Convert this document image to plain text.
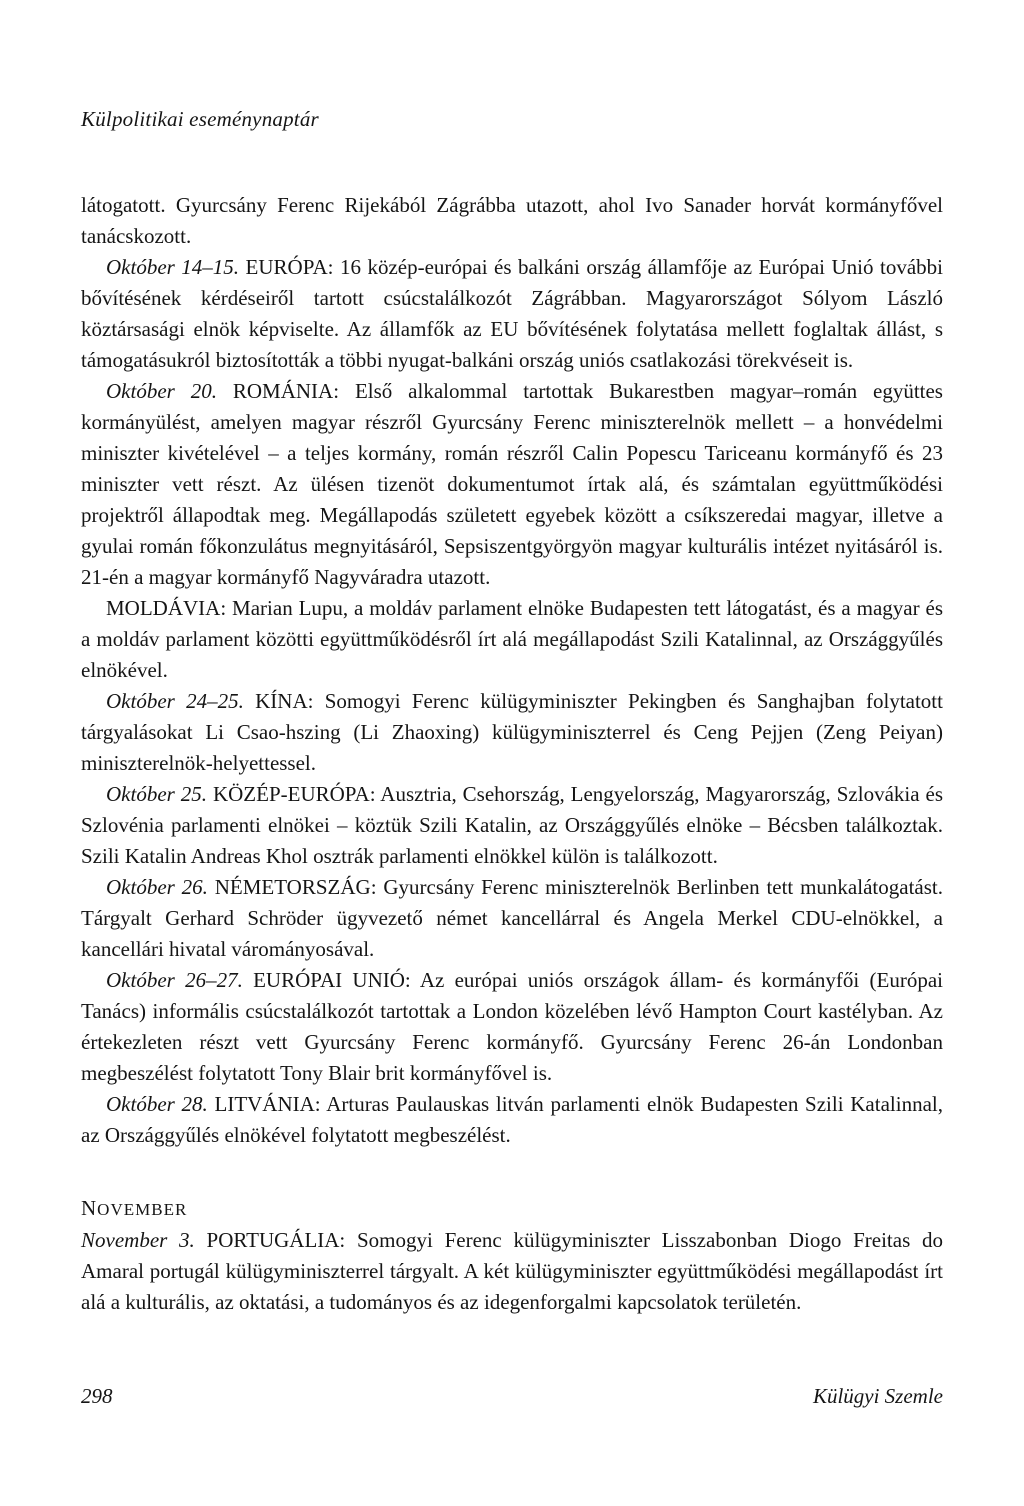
Külpolitikai eseménynaptár

látogatott. Gyurcsány Ferenc Rijekából Zágrábba utazott, ahol Ivo Sanader horvát kormányfővel tanácskozott.

Október 14–15. EURÓPA: 16 közép-európai és balkáni ország államfője az Európai Unió további bővítésének kérdéseiről tartott csúcstalálkozót Zágrábban. Magyarországot Sólyom László köztársasági elnök képviselte. Az államfők az EU bővítésének folytatása mellett foglaltak állást, s támogatásukról biztosították a többi nyugat-balkáni ország uniós csatlakozási törekvéseit is.

Október 20. ROMÁNIA: Első alkalommal tartottak Bukarestben magyar–román együttes kormányülést, amelyen magyar részről Gyurcsány Ferenc miniszterelnök mellett – a honvédelmi miniszter kivételével – a teljes kormány, román részről Calin Popescu Tariceanu kormányfő és 23 miniszter vett részt. Az ülésen tizenöt dokumentumot írtak alá, és számtalan együttműködési projektről állapodtak meg. Megállapodás született egyebek között a csíkszeredai magyar, illetve a gyulai román főkonzulátus megnyitásáról, Sepsiszentgyörgyön magyar kulturális intézet nyitásáról is. 21-én a magyar kormányfő Nagyváradra utazott.

MOLDÁVIA: Marian Lupu, a moldáv parlament elnöke Budapesten tett látogatást, és a magyar és a moldáv parlament közötti együttműködésről írt alá megállapodást Szili Katalinnal, az Országgyűlés elnökével.

Október 24–25. KÍNA: Somogyi Ferenc külügyminiszter Pekingben és Sanghajban folytatott tárgyalásokat Li Csao-hszing (Li Zhaoxing) külügyminiszterrel és Ceng Pejjen (Zeng Peiyan) miniszterelnök-helyettessel.

Október 25. KÖZÉP-EURÓPA: Ausztria, Csehország, Lengyelország, Magyarország, Szlovákia és Szlovénia parlamenti elnökei – köztük Szili Katalin, az Országgyűlés elnöke – Bécsben találkoztak. Szili Katalin Andreas Khol osztrák parlamenti elnökkel külön is találkozott.

Október 26. NÉMETORSZÁG: Gyurcsány Ferenc miniszterelnök Berlinben tett munkalátogatást. Tárgyalt Gerhard Schröder ügyvezető német kancellárral és Angela Merkel CDU-elnökkel, a kancellári hivatal várományosával.

Október 26–27. EURÓPAI UNIÓ: Az európai uniós országok állam- és kormányfői (Európai Tanács) informális csúcstalálkozót tartottak a London közelében lévő Hampton Court kastélyban. Az értekezleten részt vett Gyurcsány Ferenc kormányfő. Gyurcsány Ferenc 26-án Londonban megbeszélést folytatott Tony Blair brit kormányfővel is.

Október 28. LITVÁNIA: Arturas Paulauskas litván parlamenti elnök Budapesten Szili Katalinnal, az Országgyűlés elnökével folytatott megbeszélést.

NOVEMBER

November 3. PORTUGÁLIA: Somogyi Ferenc külügyminiszter Lisszabonban Diogo Freitas do Amaral portugál külügyminiszterrel tárgyalt. A két külügyminiszter együttműködési megállapodást írt alá a kulturális, az oktatási, a tudományos és az idegenforgalmi kapcsolatok területén.

298	Külügyi Szemle
